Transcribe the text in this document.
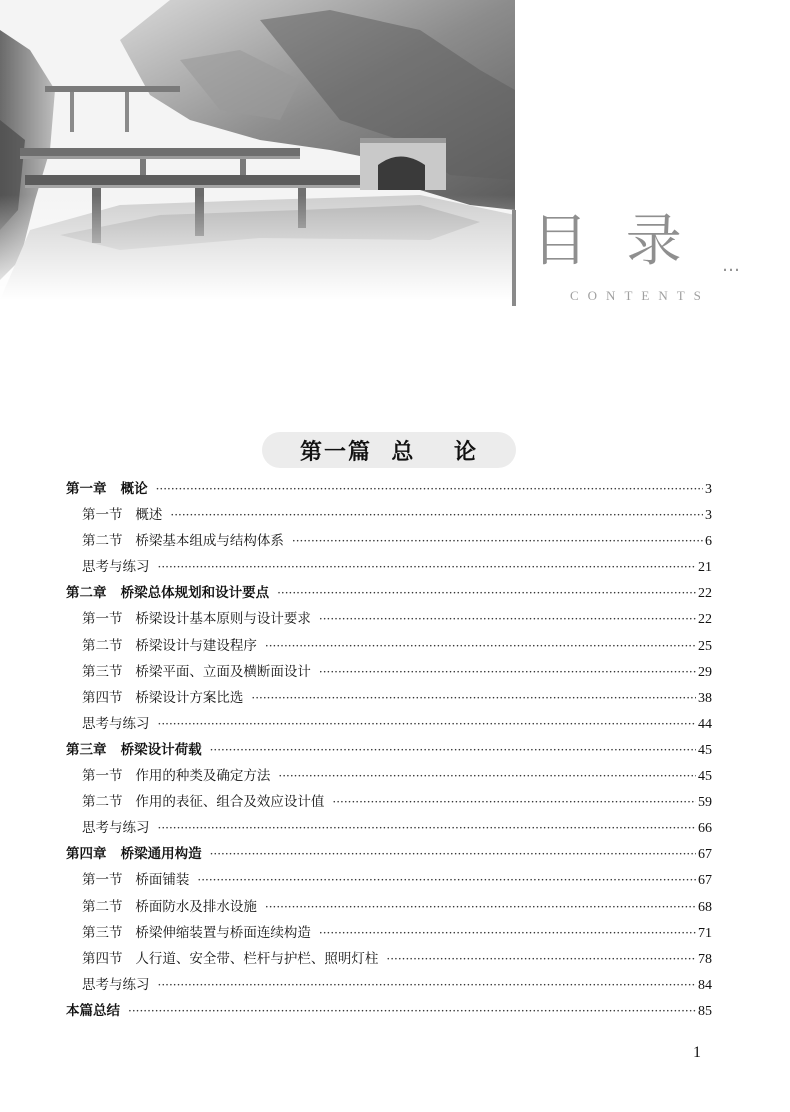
目 录 …
CONTENTS
第一篇  总    论
第一章   概论 ·····	3
第一节   概述 ·····	3
第二节   桥梁基本组成与结构体系 ·····	6
思考与练习 ·····	21
第二章   桥梁总体规划和设计要点 ·····	22
第一节   桥梁设计基本原则与设计要求 ·····	22
第二节   桥梁设计与建设程序 ·····	25
第三节   桥梁平面、立面及横断面设计 ·····	29
第四节   桥梁设计方案比选 ·····	38
思考与练习 ·····	44
第三章   桥梁设计荷载 ·····	45
第一节   作用的种类及确定方法 ·····	45
第二节   作用的表征、组合及效应设计值 ·····	59
思考与练习 ·····	66
第四章   桥梁通用构造 ·····	67
第一节   桥面铺装 ·····	67
第二节   桥面防水及排水设施 ·····	68
第三节   桥梁伸缩装置与桥面连续构造 ·····	71
第四节   人行道、安全带、栏杆与护栏、照明灯柱 ·····	78
思考与练习 ·····	84
本篇总结 ·····	85
1
